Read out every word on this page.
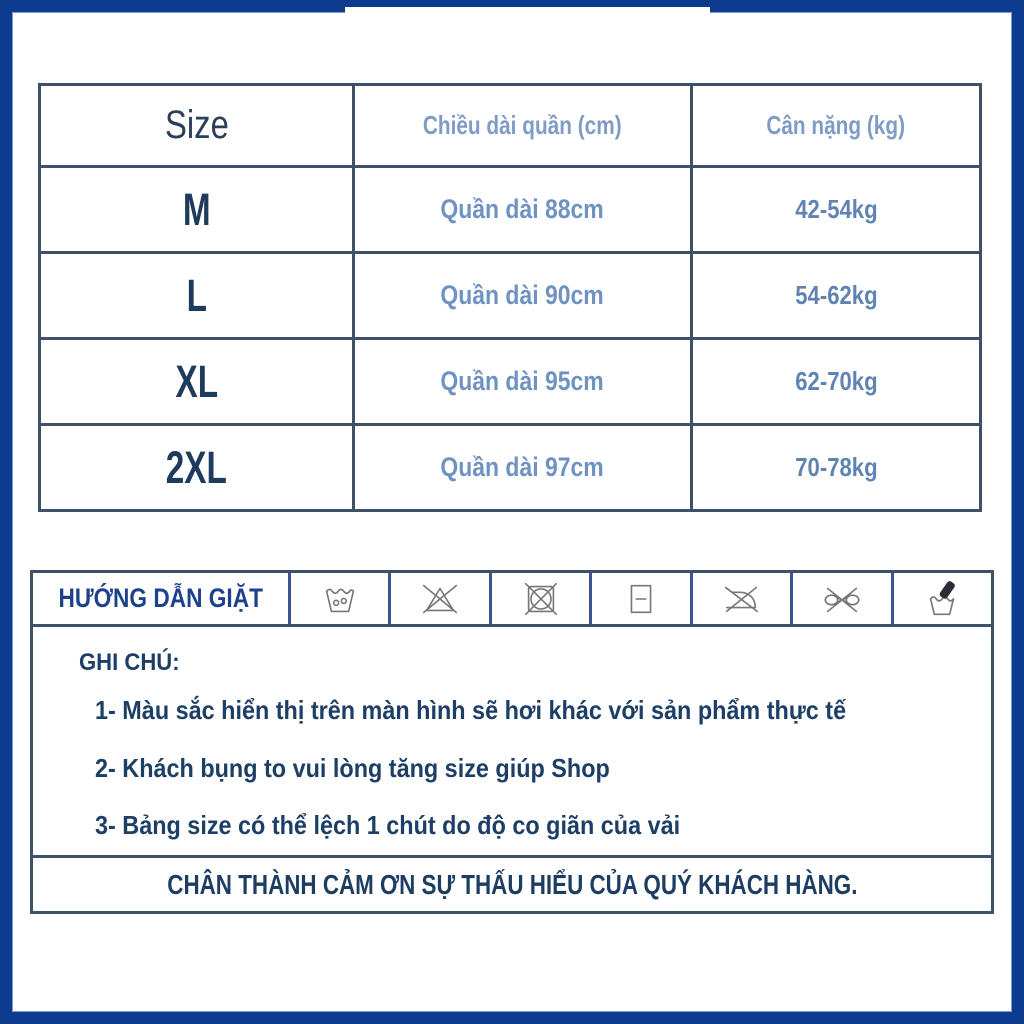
Size	Chiều dài quần (cm)	Cân nặng (kg)
M	Quần dài 88cm	42-54kg
L	Quần dài 90cm	54-62kg
XL	Quần dài 95cm	62-70kg
2XL	Quần dài 97cm	70-78kg
HƯỚNG DẪN GIẶT
GHI CHÚ:
1- Màu sắc hiển thị trên màn hình sẽ hơi khác với sản phẩm thực tế
2- Khách bụng to vui lòng tăng size giúp Shop
3- Bảng size có thể lệch 1 chút do độ co giãn của vải
CHÂN THÀNH CẢM ƠN SỰ THẤU HIỂU CỦA QUÝ KHÁCH HÀNG.
